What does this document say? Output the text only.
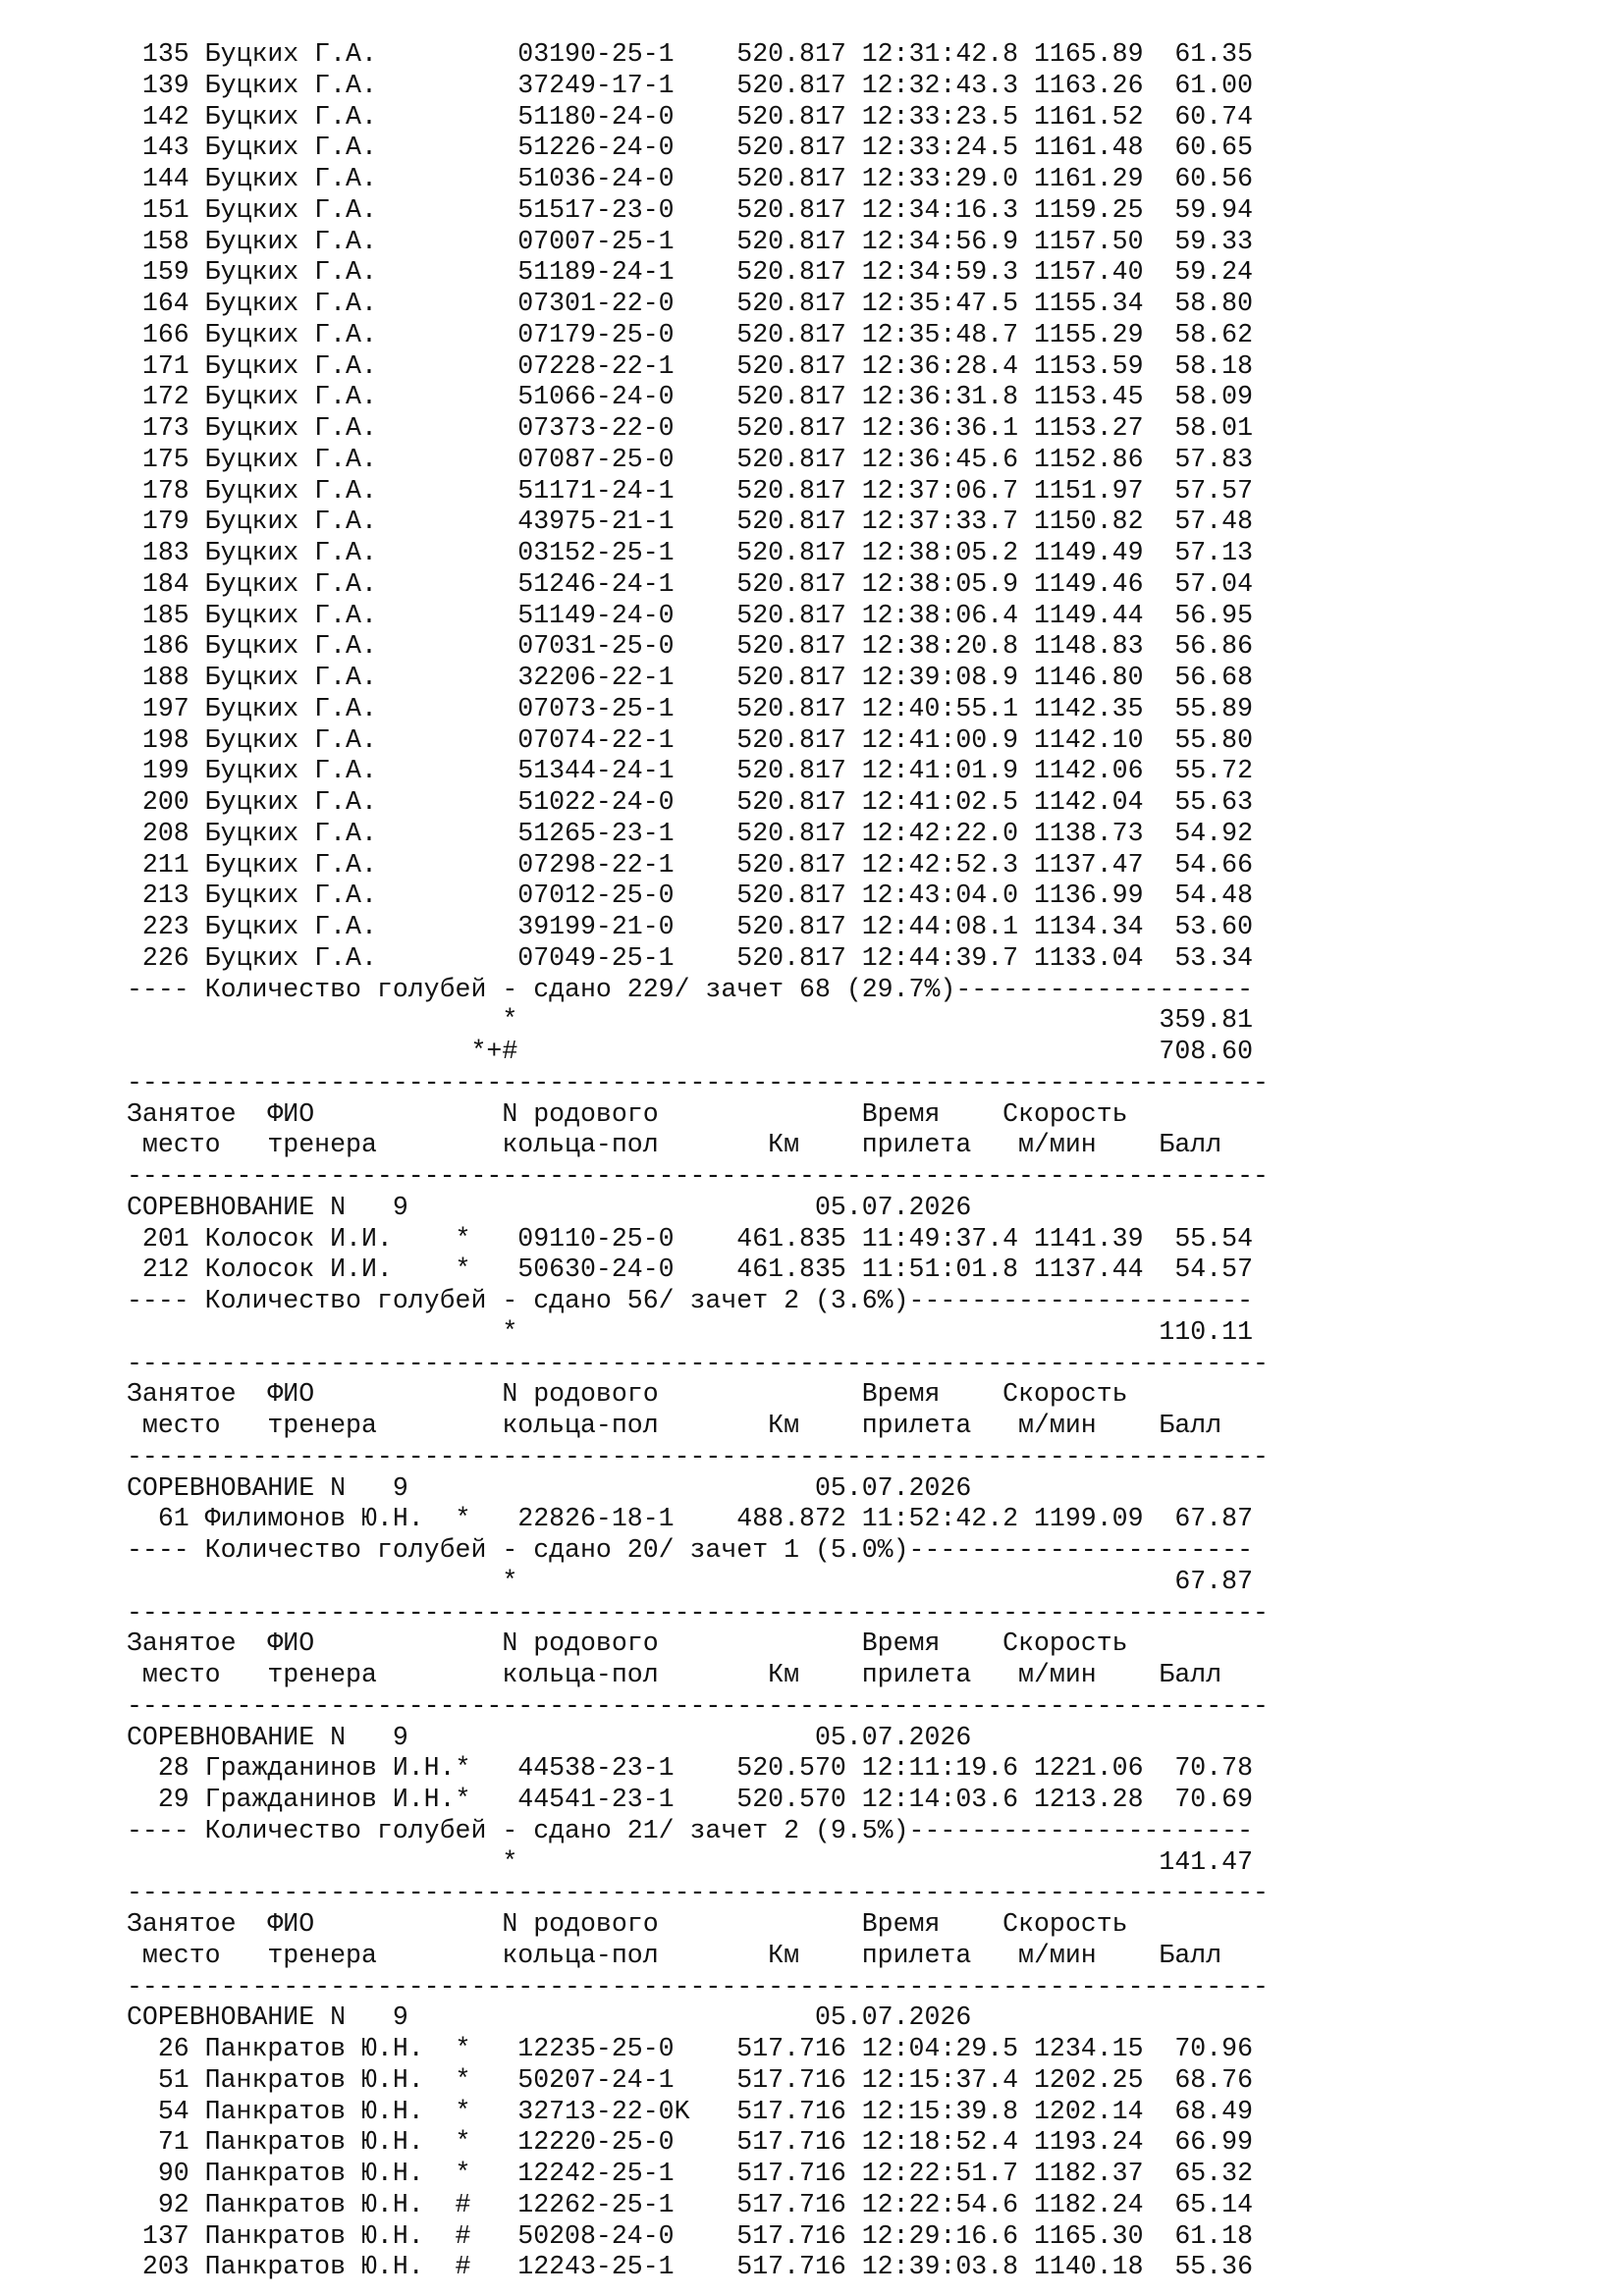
135 Буцких Г.А.         03190-25-1    520.817 12:31:42.8 1165.89  61.35
139 Буцких Г.А.         37249-17-1    520.817 12:32:43.3 1163.26  61.00
142 Буцких Г.А.         51180-24-0    520.817 12:33:23.5 1161.52  60.74
143 Буцких Г.А.         51226-24-0    520.817 12:33:24.5 1161.48  60.65
144 Буцких Г.А.         51036-24-0    520.817 12:33:29.0 1161.29  60.56
151 Буцких Г.А.         51517-23-0    520.817 12:34:16.3 1159.25  59.94
158 Буцких Г.А.         07007-25-1    520.817 12:34:56.9 1157.50  59.33
159 Буцких Г.А.         51189-24-1    520.817 12:34:59.3 1157.40  59.24
164 Буцких Г.А.         07301-22-0    520.817 12:35:47.5 1155.34  58.80
166 Буцких Г.А.         07179-25-0    520.817 12:35:48.7 1155.29  58.62
171 Буцких Г.А.         07228-22-1    520.817 12:36:28.4 1153.59  58.18
172 Буцких Г.А.         51066-24-0    520.817 12:36:31.8 1153.45  58.09
173 Буцких Г.А.         07373-22-0    520.817 12:36:36.1 1153.27  58.01
175 Буцких Г.А.         07087-25-0    520.817 12:36:45.6 1152.86  57.83
178 Буцких Г.А.         51171-24-1    520.817 12:37:06.7 1151.97  57.57
179 Буцких Г.А.         43975-21-1    520.817 12:37:33.7 1150.82  57.48
183 Буцких Г.А.         03152-25-1    520.817 12:38:05.2 1149.49  57.13
184 Буцких Г.А.         51246-24-1    520.817 12:38:05.9 1149.46  57.04
185 Буцких Г.А.         51149-24-0    520.817 12:38:06.4 1149.44  56.95
186 Буцких Г.А.         07031-25-0    520.817 12:38:20.8 1148.83  56.86
188 Буцких Г.А.         32206-22-1    520.817 12:39:08.9 1146.80  56.68
197 Буцких Г.А.         07073-25-1    520.817 12:40:55.1 1142.35  55.89
198 Буцких Г.А.         07074-22-1    520.817 12:41:00.9 1142.10  55.80
199 Буцких Г.А.         51344-24-1    520.817 12:41:01.9 1142.06  55.72
200 Буцких Г.А.         51022-24-0    520.817 12:41:02.5 1142.04  55.63
208 Буцких Г.А.         51265-23-1    520.817 12:42:22.0 1138.73  54.92
211 Буцких Г.А.         07298-22-1    520.817 12:42:52.3 1137.47  54.66
213 Буцких Г.А.         07012-25-0    520.817 12:43:04.0 1136.99  54.48
223 Буцких Г.А.         39199-21-0    520.817 12:44:08.1 1134.34  53.60
226 Буцких Г.А.         07049-25-1    520.817 12:44:39.7 1133.04  53.34
---- Количество голубей - сдано 229/ зачет 68 (29.7%)-------------------
*                                         359.81
*+#                                         708.60
-------------------------------------------------------------------------
Занятое  ФИО            N родового             Время    Скорость
место   тренера        кольца-пол       Км    прилета   м/мин    Балл
-------------------------------------------------------------------------
СОРЕВНОВАНИЕ N   9                          05.07.2026
201 Колосок И.И.    *   09110-25-0    461.835 11:49:37.4 1141.39  55.54
212 Колосок И.И.    *   50630-24-0    461.835 11:51:01.8 1137.44  54.57
---- Количество голубей - сдано 56/ зачет 2 (3.6%)----------------------
*                                         110.11
-------------------------------------------------------------------------
Занятое  ФИО            N родового             Время    Скорость
место   тренера        кольца-пол       Км    прилета   м/мин    Балл
-------------------------------------------------------------------------
СОРЕВНОВАНИЕ N   9                          05.07.2026
61 Филимонов Ю.Н.  *   22826-18-1    488.872 11:52:42.2 1199.09  67.87
---- Количество голубей - сдано 20/ зачет 1 (5.0%)----------------------
*                                          67.87
-------------------------------------------------------------------------
Занятое  ФИО            N родового             Время    Скорость
место   тренера        кольца-пол       Км    прилета   м/мин    Балл
-------------------------------------------------------------------------
СОРЕВНОВАНИЕ N   9                          05.07.2026
28 Гражданинов И.Н.*   44538-23-1    520.570 12:11:19.6 1221.06  70.78
29 Гражданинов И.Н.*   44541-23-1    520.570 12:14:03.6 1213.28  70.69
---- Количество голубей - сдано 21/ зачет 2 (9.5%)----------------------
*                                         141.47
-------------------------------------------------------------------------
Занятое  ФИО            N родового             Время    Скорость
место   тренера        кольца-пол       Км    прилета   м/мин    Балл
-------------------------------------------------------------------------
СОРЕВНОВАНИЕ N   9                          05.07.2026
26 Панкратов Ю.Н.  *   12235-25-0    517.716 12:04:29.5 1234.15  70.96
51 Панкратов Ю.Н.  *   50207-24-1    517.716 12:15:37.4 1202.25  68.76
54 Панкратов Ю.Н.  *   32713-22-0K   517.716 12:15:39.8 1202.14  68.49
71 Панкратов Ю.Н.  *   12220-25-0    517.716 12:18:52.4 1193.24  66.99
90 Панкратов Ю.Н.  *   12242-25-1    517.716 12:22:51.7 1182.37  65.32
92 Панкратов Ю.Н.  #   12262-25-1    517.716 12:22:54.6 1182.24  65.14
137 Панкратов Ю.Н.  #   50208-24-0    517.716 12:29:16.6 1165.30  61.18
203 Панкратов Ю.Н.  #   12243-25-1    517.716 12:39:03.8 1140.18  55.36
